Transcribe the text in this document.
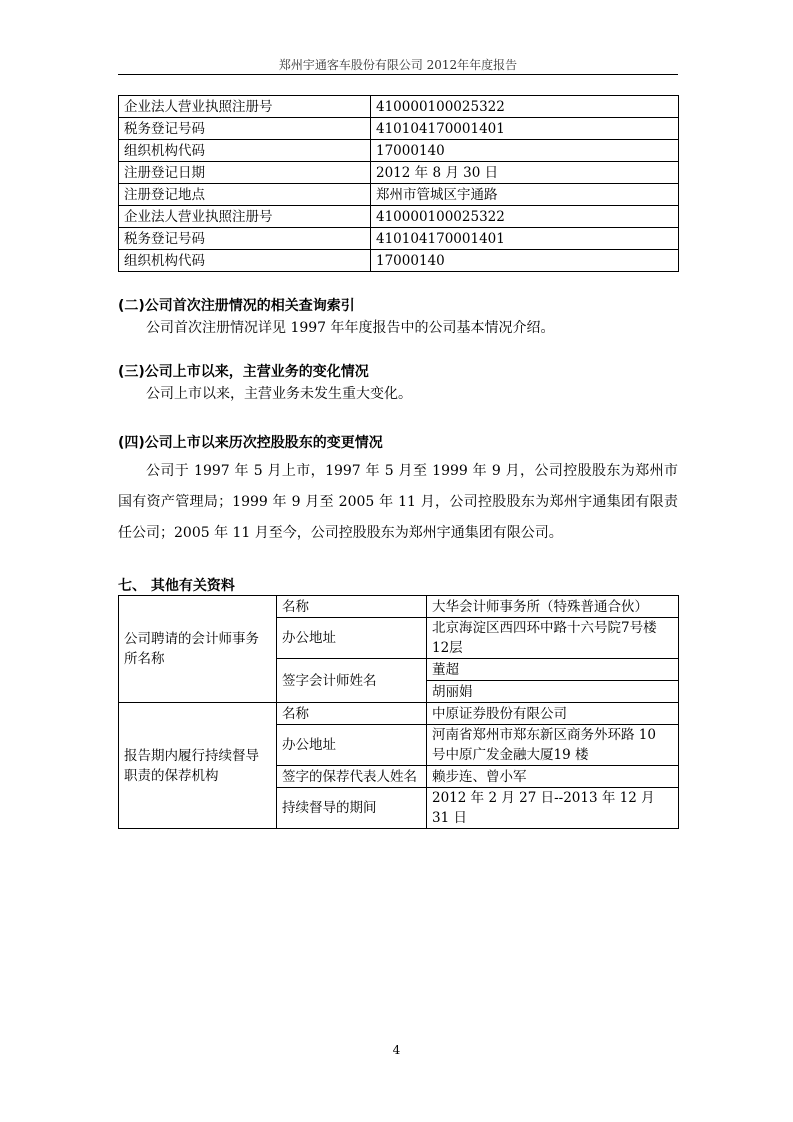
郑州宇通客车股份有限公司 2012年年度报告
企业法人营业执照注册号	410000100025322
税务登记号码	410104170001401
组织机构代码	17000140
注册登记日期	2012 年 8 月 30 日
注册登记地点	郑州市管城区宇通路
企业法人营业执照注册号	410000100025322
税务登记号码	410104170001401
组织机构代码	17000140
(二)公司首次注册情况的相关查询索引
公司首次注册情况详见 1997 年年度报告中的公司基本情况介绍。
(三)公司上市以来，主营业务的变化情况
公司上市以来，主营业务未发生重大变化。
(四)公司上市以来历次控股股东的变更情况
公司于 1997 年 5 月上市，1997 年 5 月至 1999 年 9 月，公司控股股东为郑州市国有资产管理局；1999 年 9 月至 2005 年 11 月，公司控股股东为郑州宇通集团有限责任公司；2005 年 11 月至今，公司控股股东为郑州宇通集团有限公司。
七、 其他有关资料
公司聘请的会计师事务所名称	名称	大华会计师事务所（特殊普通合伙）
	办公地址	北京海淀区西四环中路十六号院7号楼12层
	签字会计师姓名	董超
		胡丽娟
报告期内履行持续督导职责的保荐机构	名称	中原证券股份有限公司
	办公地址	河南省郑州市郑东新区商务外环路 10 号中原广发金融大厦19 楼
	签字的保荐代表人姓名	赖步连、曾小军
	持续督导的期间	2012 年 2 月 27 日--2013 年 12 月 31 日
4
